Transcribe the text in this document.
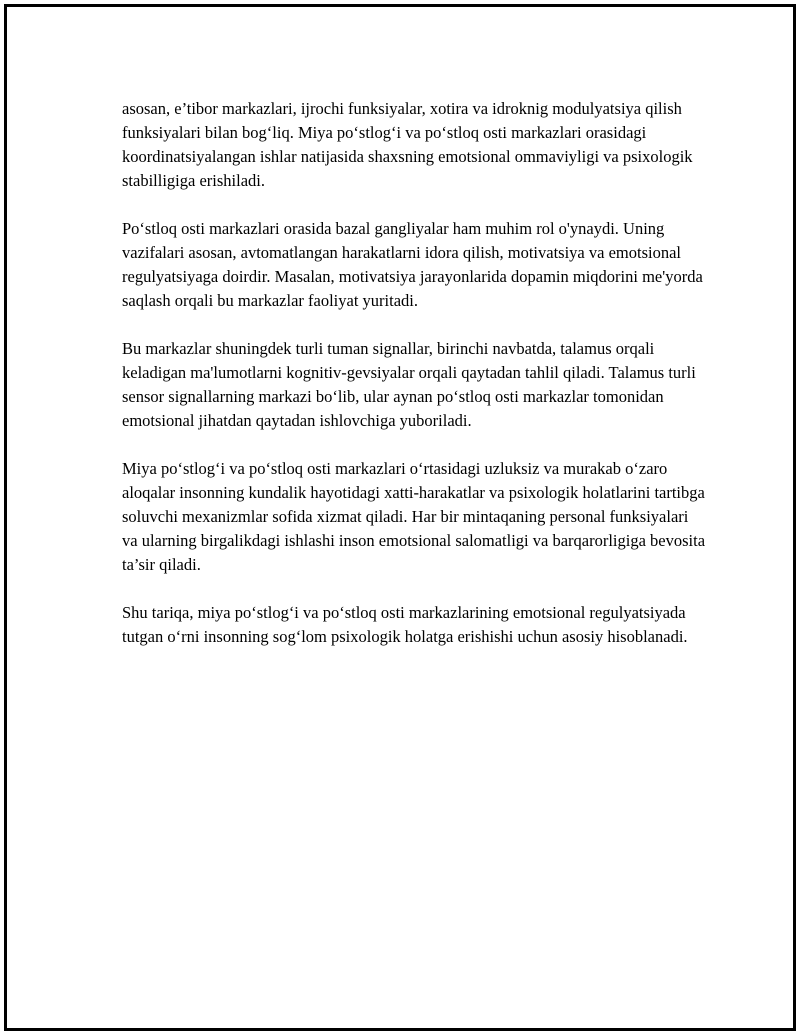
asosan, e’tibor markazlari, ijrochi funksiyalar, xotira va idroknig modulyatsiya qilish funksiyalari bilan bog‘liq. Miya po‘stlog‘i va po‘stloq osti markazlari orasidagi koordinatsiyalangan ishlar natijasida shaxsning emotsional ommaviyligi va psixologik stabilligiga erishiladi.

Po‘stloq osti markazlari orasida bazal gangliyalar ham muhim rol o'ynaydi. Uning vazifalari asosan, avtomatlangan harakatlarni idora qilish, motivatsiya va emotsional regulyatsiyaga doirdir. Masalan, motivatsiya jarayonlarida dopamin miqdorini me'yorda saqlash orqali bu markazlar faoliyat yuritadi.

Bu markazlar shuningdek turli tuman signallar, birinchi navbatda, talamus orqali keladigan ma'lumotlarni kognitiv-gevsiyalar orqali qaytadan tahlil qiladi. Talamus turli sensor signallarning markazi bo‘lib, ular aynan po‘stloq osti markazlar tomonidan emotsional jihatdan qaytadan ishlovchiga yuboriladi.

Miya po‘stlog‘i va po‘stloq osti markazlari o‘rtasidagi uzluksiz va murakab o‘zaro aloqalar insonning kundalik hayotidagi xatti-harakatlar va psixologik holatlarini tartibga soluvchi mexanizmlar sofida xizmat qiladi. Har bir mintaqaning personal funksiyalari va ularning birgalikdagi ishlashi inson emotsional salomatligi va barqarorligiga bevosita ta’sir qiladi.

Shu tariqa, miya po‘stlog‘i va po‘stloq osti markazlarining emotsional regulyatsiyada tutgan o‘rni insonning sog‘lom psixologik holatga erishishi uchun asosiy hisoblanadi.
